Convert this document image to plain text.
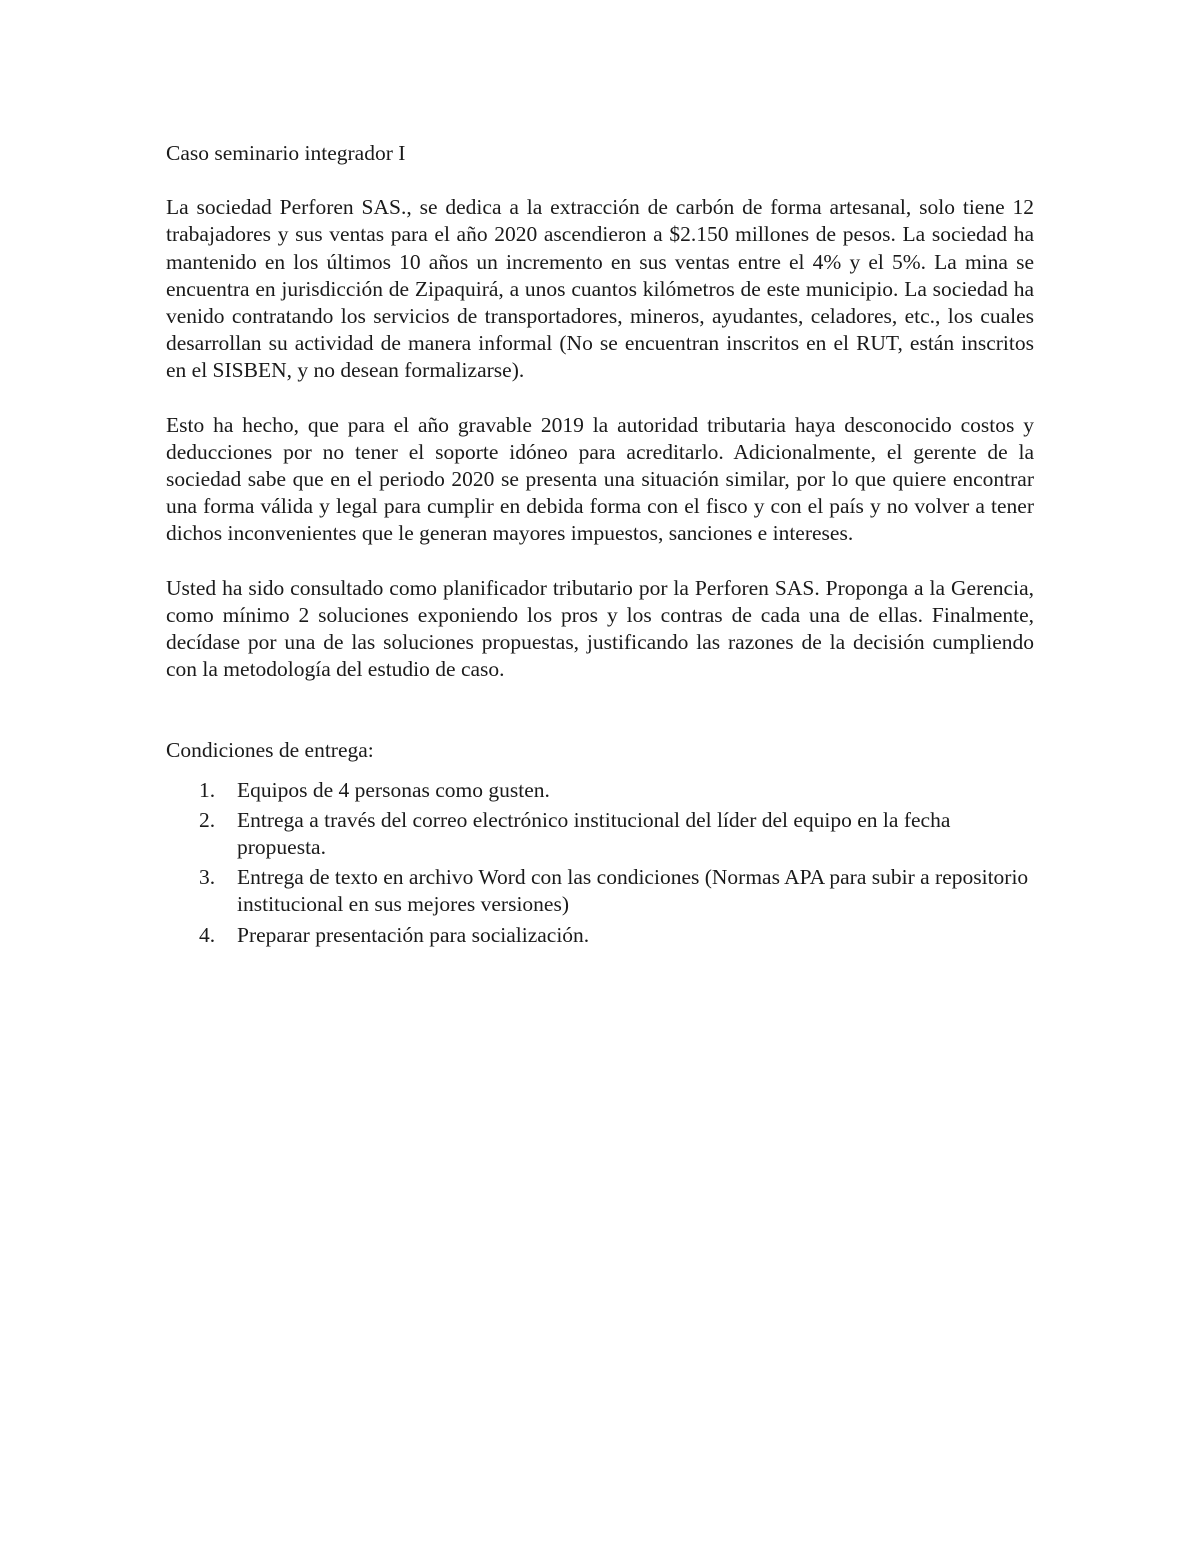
Caso seminario integrador I

La sociedad Perforen SAS., se dedica a la extracción de carbón de forma artesanal, solo tiene 12 trabajadores y sus ventas para el año 2020 ascendieron a $2.150 millones de pesos. La sociedad ha mantenido en los últimos 10 años un incremento en sus ventas entre el 4% y el 5%. La mina se encuentra en jurisdicción de Zipaquirá, a unos cuantos kilómetros de este municipio. La sociedad ha venido contratando los servicios de transportadores, mineros, ayudantes, celadores, etc., los cuales desarrollan su actividad de manera informal (No se encuentran inscritos en el RUT, están inscritos en el SISBEN, y no desean formalizarse).

Esto ha hecho, que para el año gravable 2019 la autoridad tributaria haya desconocido costos y deducciones por no tener el soporte idóneo para acreditarlo. Adicionalmente, el gerente de la sociedad sabe que en el periodo 2020 se presenta una situación similar, por lo que quiere encontrar una forma válida y legal para cumplir en debida forma con el fisco y con el país y no volver a tener dichos inconvenientes que le generan mayores impuestos, sanciones e intereses.

Usted ha sido consultado como planificador tributario por la Perforen SAS. Proponga a la Gerencia, como mínimo 2 soluciones exponiendo los pros y los contras de cada una de ellas. Finalmente, decídase por una de las soluciones propuestas, justificando las razones de la decisión cumpliendo con la metodología del estudio de caso.

Condiciones de entrega:
1. Equipos de 4 personas como gusten.
2. Entrega a través del correo electrónico institucional del líder del equipo en la fecha propuesta.
3. Entrega de texto en archivo Word con las condiciones (Normas APA para subir a repositorio institucional en sus mejores versiones)
4. Preparar presentación para socialización.
